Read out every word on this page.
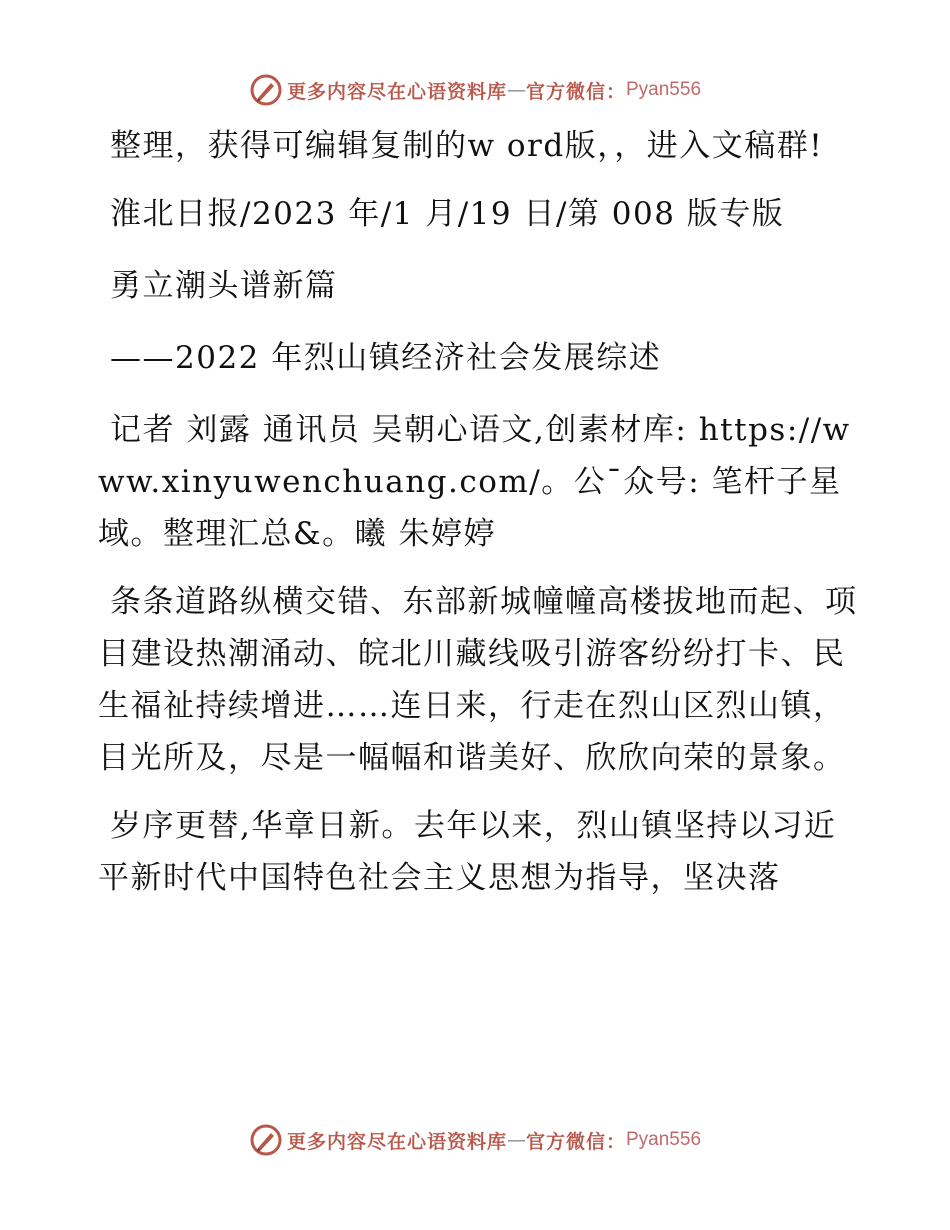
更多内容尽在心语资料库 — 官方微信： Pyan556

整理，获得可编辑复制的w ord版，，进入文稿群!

淮北日报/2023 年/1 月/19 日/第 008 版专版

勇立潮头谱新篇

——2022 年烈山镇经济社会发展综述

记者 刘露 通讯员 吴朝心语文,创素材库: https://www.xinyuwenchuang.com/。公¯众号: 笔杆子星域。整理汇总&。曦 朱婷婷

条条道路纵横交错、东部新城幢幢高楼拔地而起、项目建设热潮涌动、皖北川藏线吸引游客纷纷打卡、民生福祉持续增进……连日来，行走在烈山区烈山镇，目光所及，尽是一幅幅和谐美好、欣欣向荣的景象。

岁序更替,华章日新。去年以来，烈山镇坚持以习近平新时代中国特色社会主义思想为指导，坚决落

更多内容尽在心语资料库 — 官方微信： Pyan556
